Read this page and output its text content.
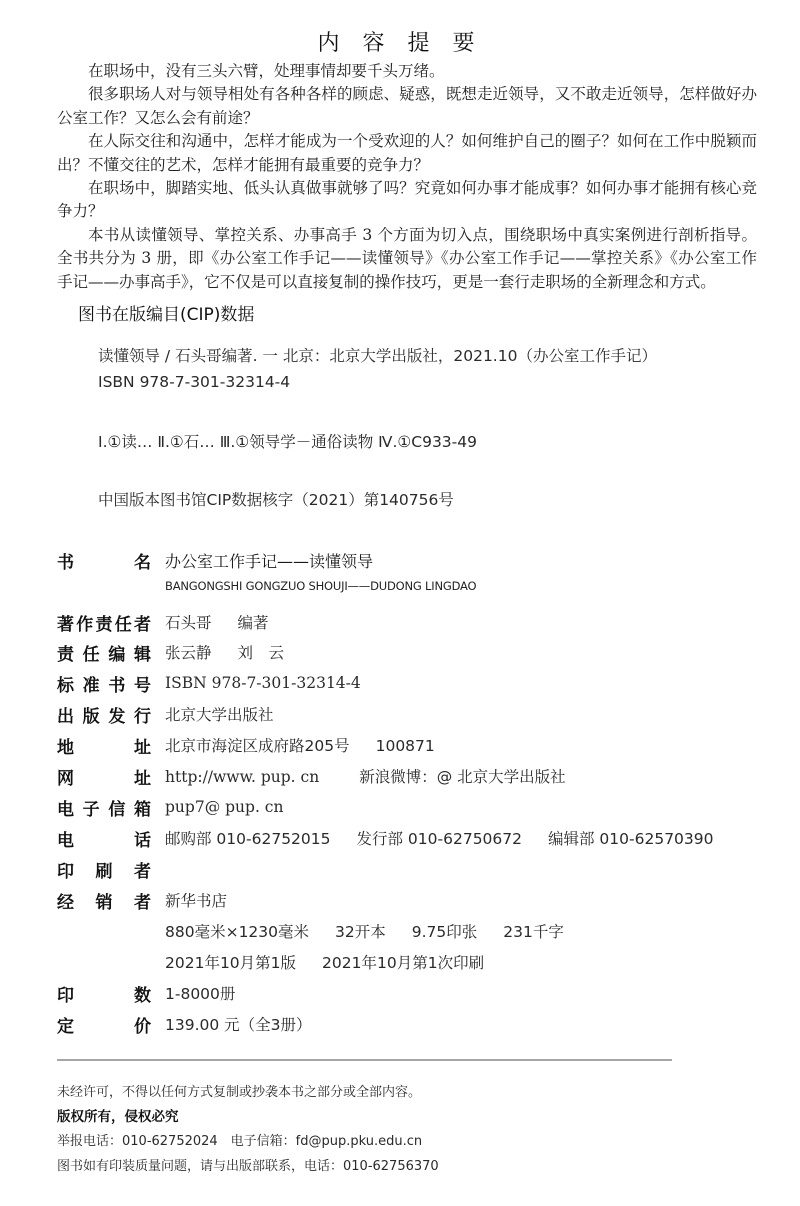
内 容 提 要

在职场中，没有三头六臂，处理事情却要千头万绪。

很多职场人对与领导相处有各种各样的顾虑、疑惑，既想走近领导，又不敢走近领导，怎样做好办公室工作？又怎么会有前途？

在人际交往和沟通中，怎样才能成为一个受欢迎的人？如何维护自己的圈子？如何在工作中脱颖而出？不懂交往的艺术，怎样才能拥有最重要的竞争力？

在职场中，脚踏实地、低头认真做事就够了吗？究竟如何办事才能成事？如何办事才能拥有核心竞争力？

本书从读懂领导、掌控关系、办事高手 3 个方面为切入点，围绕职场中真实案例进行剖析指导。全书共分为 3 册，即《办公室工作手记——读懂领导》《办公室工作手记——掌控关系》《办公室工作手记——办事高手》，它不仅是可以直接复制的操作技巧，更是一套行走职场的全新理念和方式。

图书在版编目(CIP)数据
读懂领导 / 石头哥编著. 一 北京：北京大学出版社，2021.10（办公室工作手记）
ISBN 978-7-301-32314-4
Ⅰ.①读… Ⅱ.①石… Ⅲ.①领导学－通俗读物 Ⅳ.①C933-49
中国版本图书馆CIP数据核字（2021）第140756号
书	名 办公室工作手记——读懂领导
BANGONGSHI GONGZUO SHOUJI——DUDONG LINGDAO
著 作 责 任 者 石头哥 编著
责 任 编 辑 张云静 刘　云
标 准 书 号 ISBN 978-7-301-32314-4
出 版 发 行 北京大学出版社
地	址 北京市海淀区成府路205号 100871
网	址 http://www. pup. cn	新浪微博：@ 北京大学出版社
电 子 信 箱 pup7@ pup. cn
电	话 邮购部 010-62752015 发行部 010-62750672 编辑部 010-62570390
印 刷 者
经 销 者 新华书店
880毫米×1230毫米 32开本 9.75印张 231千字
2021年10月第1版 2021年10月第1次印刷
印	数 1-8000册
定	价 139.00 元（全3册）
未经许可，不得以任何方式复制或抄袭本书之部分或全部内容。
版权所有，侵权必究
举报电话：010-62752024　电子信箱：fd@pup.pku.edu.cn
图书如有印装质量问题，请与出版部联系，电话：010-62756370
